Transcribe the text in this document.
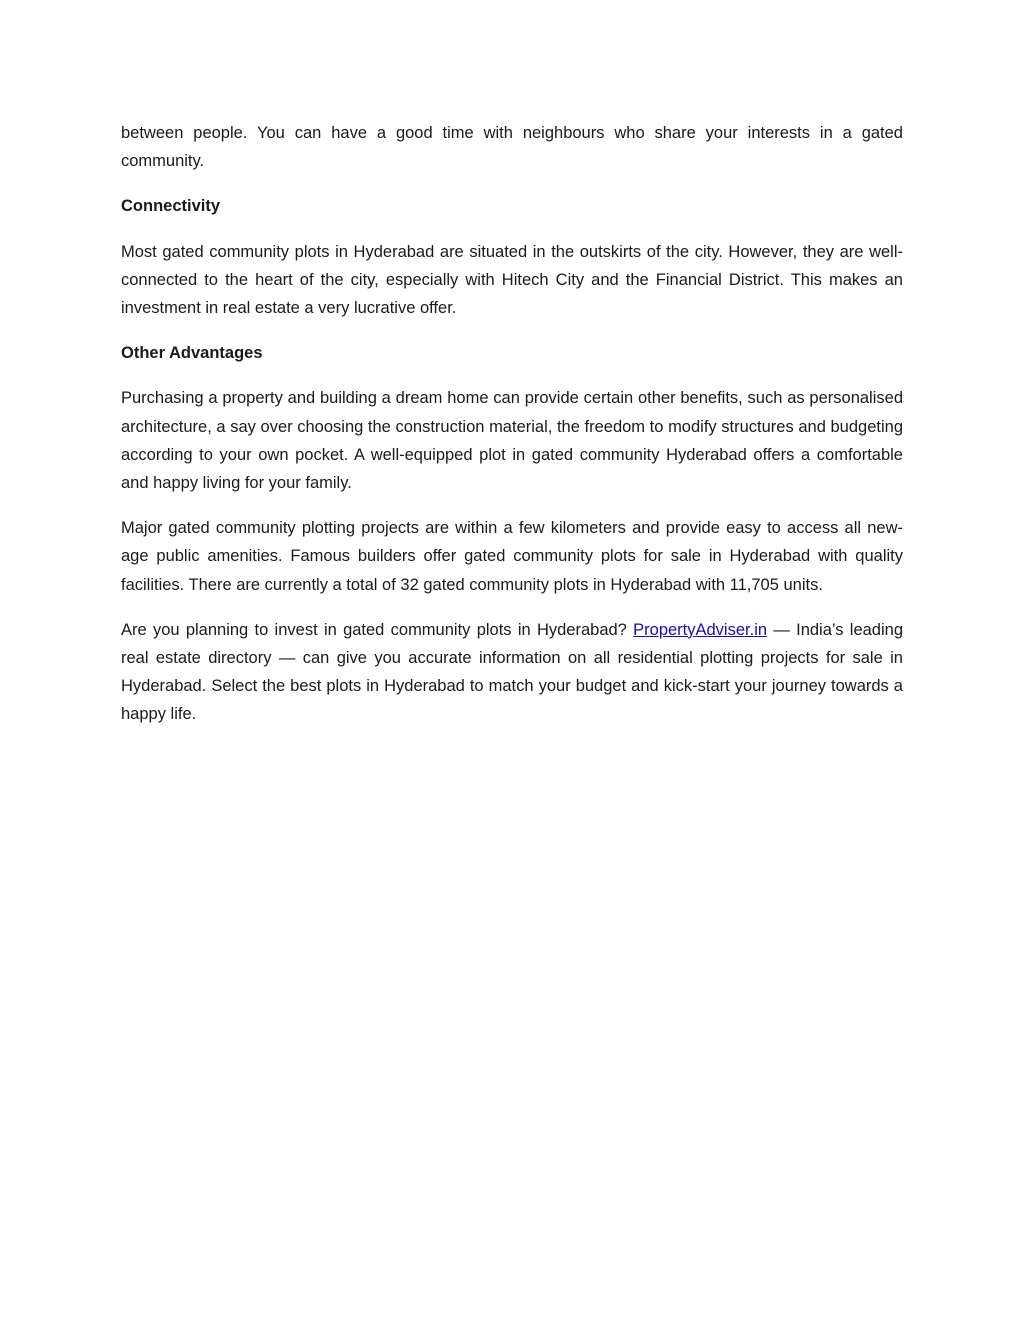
between people. You can have a good time with neighbours who share your interests in a gated community.

Connectivity

Most gated community plots in Hyderabad are situated in the outskirts of the city. However, they are well-connected to the heart of the city, especially with Hitech City and the Financial District. This makes an investment in real estate a very lucrative offer.

Other Advantages

Purchasing a property and building a dream home can provide certain other benefits, such as personalised architecture, a say over choosing the construction material, the freedom to modify structures and budgeting according to your own pocket. A well-equipped plot in gated community Hyderabad offers a comfortable and happy living for your family.

Major gated community plotting projects are within a few kilometers and provide easy to access all new-age public amenities. Famous builders offer gated community plots for sale in Hyderabad with quality facilities. There are currently a total of 32 gated community plots in Hyderabad with 11,705 units.

Are you planning to invest in gated community plots in Hyderabad? PropertyAdviser.in — India’s leading real estate directory — can give you accurate information on all residential plotting projects for sale in Hyderabad. Select the best plots in Hyderabad to match your budget and kick-start your journey towards a happy life.
